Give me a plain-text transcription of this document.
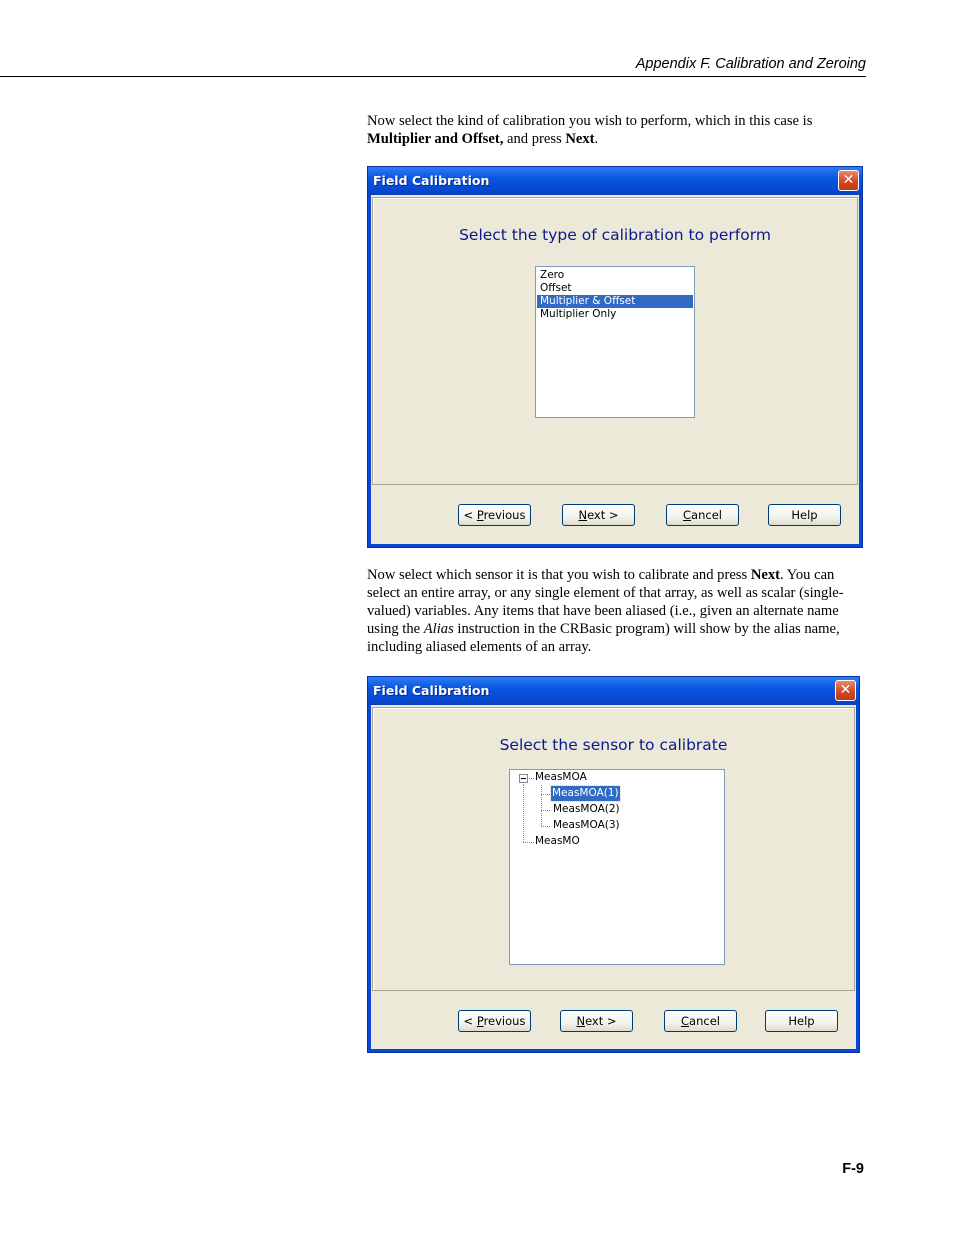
Appendix F. Calibration and Zeroing

Now select the kind of calibration you wish to perform, which in this case is Multiplier and Offset, and press Next.

Field Calibration	✕
Select the type of calibration to perform
Zero
Offset
Multiplier & Offset
Multiplier Only
< Previous	Next >	Cancel	Help

Now select which sensor it is that you wish to calibrate and press Next. You can select an entire array, or any single element of that array, as well as scalar (single-valued) variables. Any items that have been aliased (i.e., given an alternate name using the Alias instruction in the CRBasic program) will show by the alias name, including aliased elements of an array.

Field Calibration	✕
Select the sensor to calibrate
MeasMOA
MeasMOA(1)
MeasMOA(2)
MeasMOA(3)
MeasMO
< Previous	Next >	Cancel	Help
F-9
